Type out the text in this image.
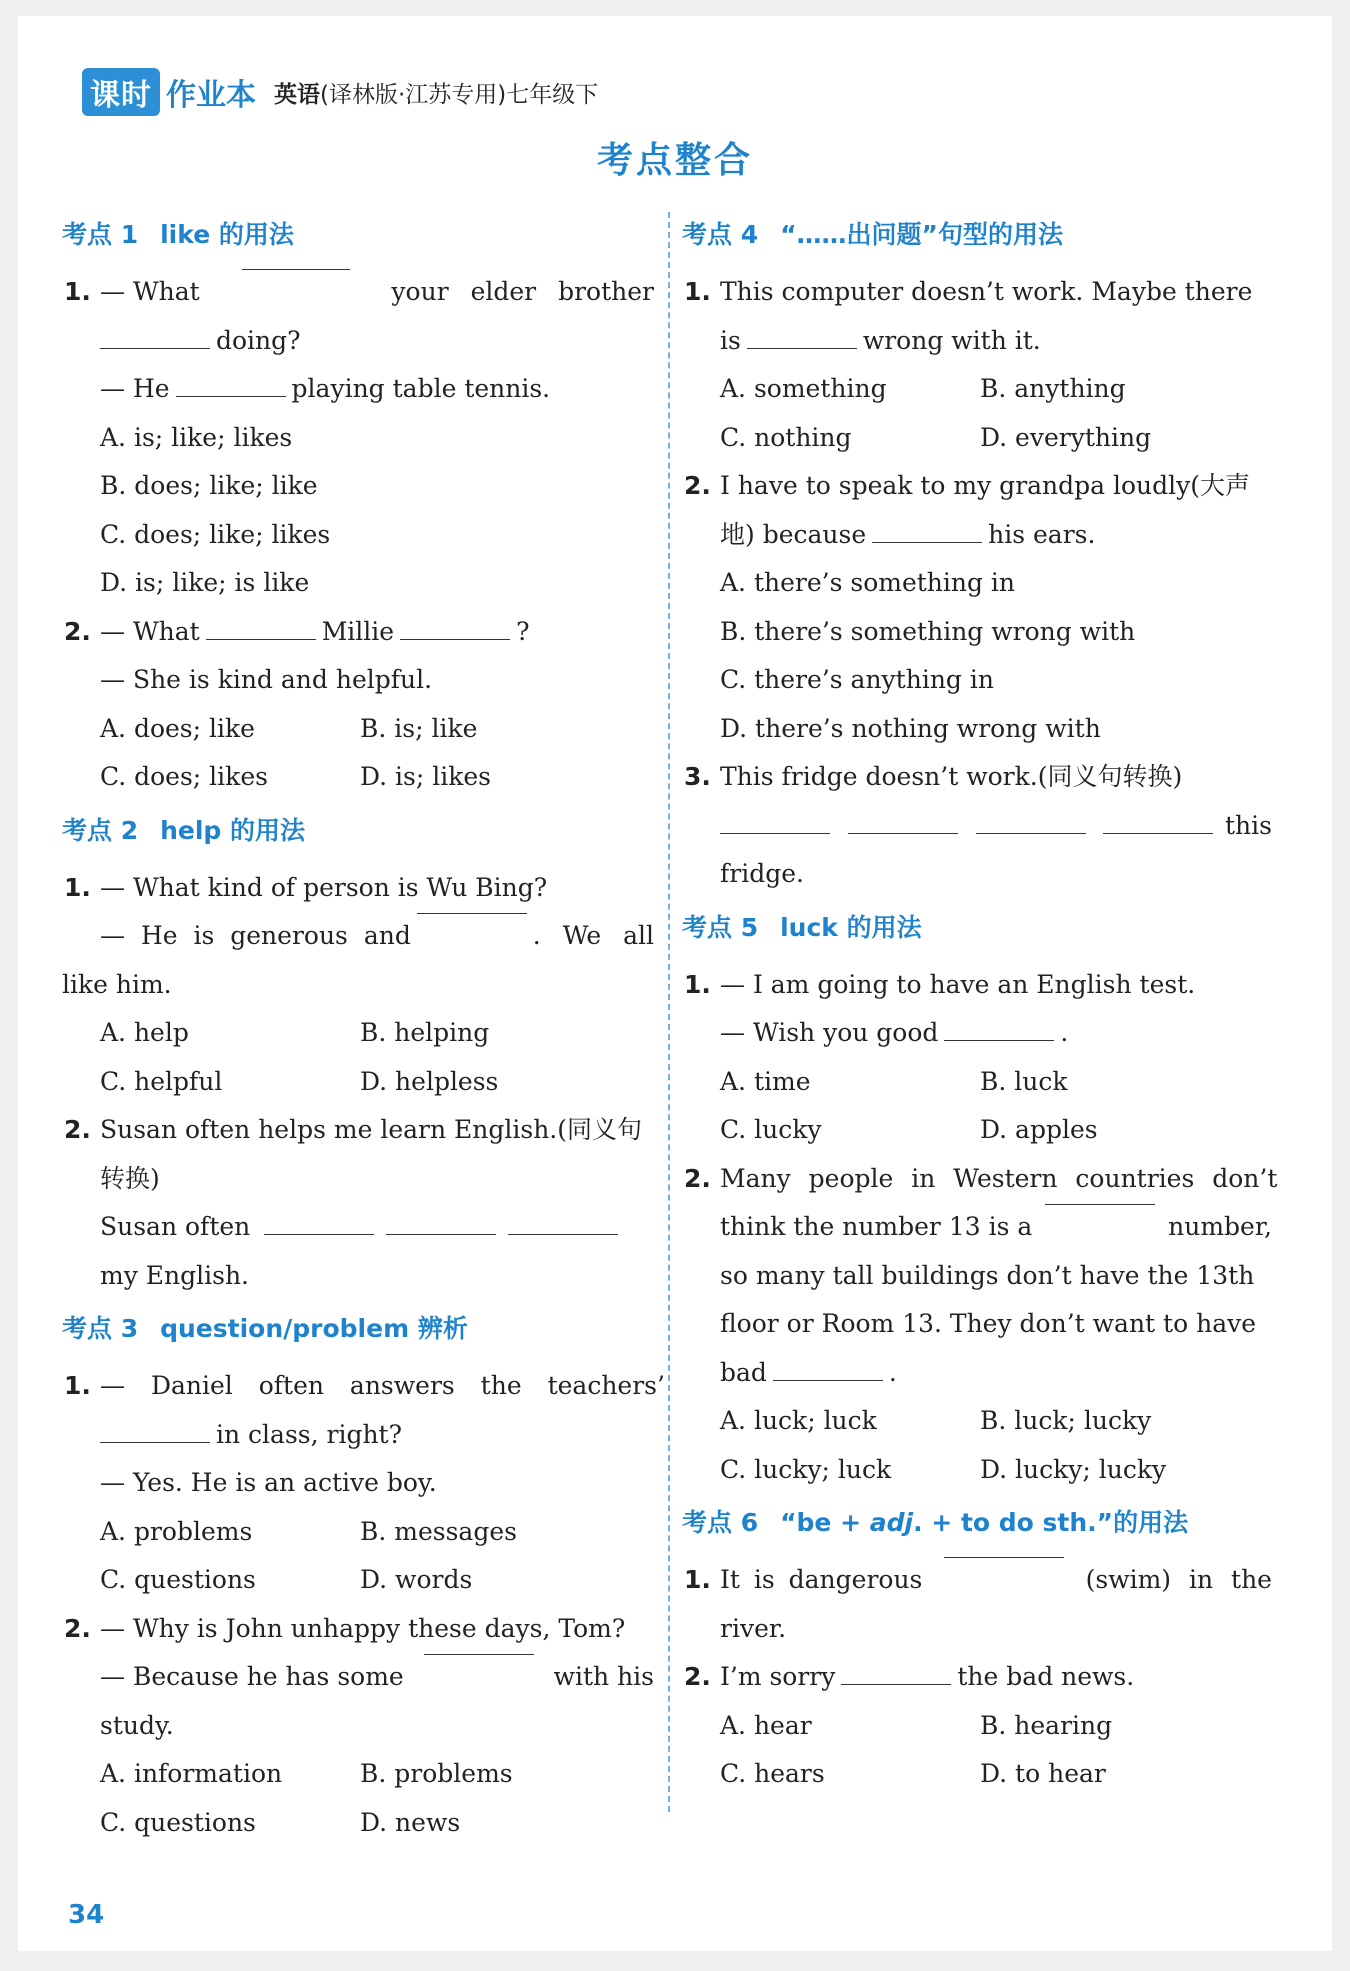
课时 作业本 英语(译林版·江苏专用)七年级下
考点整合
考点 1 like 的用法
1. — What	your elder brother
doing?
— He	playing table tennis.
A. is; like; likes
B. does; like; like
C. does; like; likes
D. is; like; is like
2. — What	Millie	?
— She is kind and helpful.
A. does; like	B. is; like
C. does; likes	D. is; likes
考点 2 help 的用法
1. — What kind of person is Wu Bing?
— He is generous and	. We all
like him.
A. help	B. helping
C. helpful	D. helpless
2. Susan often helps me learn English.(同义句
转换)
Susan often
my English.
考点 3 question/problem 辨析
1. — Daniel often answers the teachers’
in class, right?
— Yes. He is an active boy.
A. problems	B. messages
C. questions	D. words
2. — Why is John unhappy these days, Tom?
— Because he has some	with his
study.
A. information	B. problems
C. questions	D. news
考点 4 “……出问题”句型的用法
1. This computer doesn’t work. Maybe there
is	wrong with it.
A. something	B. anything
C. nothing	D. everything
2. I have to speak to my grandpa loudly(大声
地) because	his ears.
A. there’s something in
B. there’s something wrong with
C. there’s anything in
D. there’s nothing wrong with
3. This fridge doesn’t work.(同义句转换)
this
fridge.
考点 5 luck 的用法
1. — I am going to have an English test.
— Wish you good	.
A. time	B. luck
C. lucky	D. apples
2. Many people in Western countries don’t
think the number 13 is a	number,
so many tall buildings don’t have the 13th
floor or Room 13. They don’t want to have
bad	.
A. luck; luck	B. luck; lucky
C. lucky; luck	D. lucky; lucky
考点 6 “be + adj. + to do sth.”的用法
1. It is dangerous	(swim) in the
river.
2. I’m sorry	the bad news.
A. hear	B. hearing
C. hears	D. to hear
34
